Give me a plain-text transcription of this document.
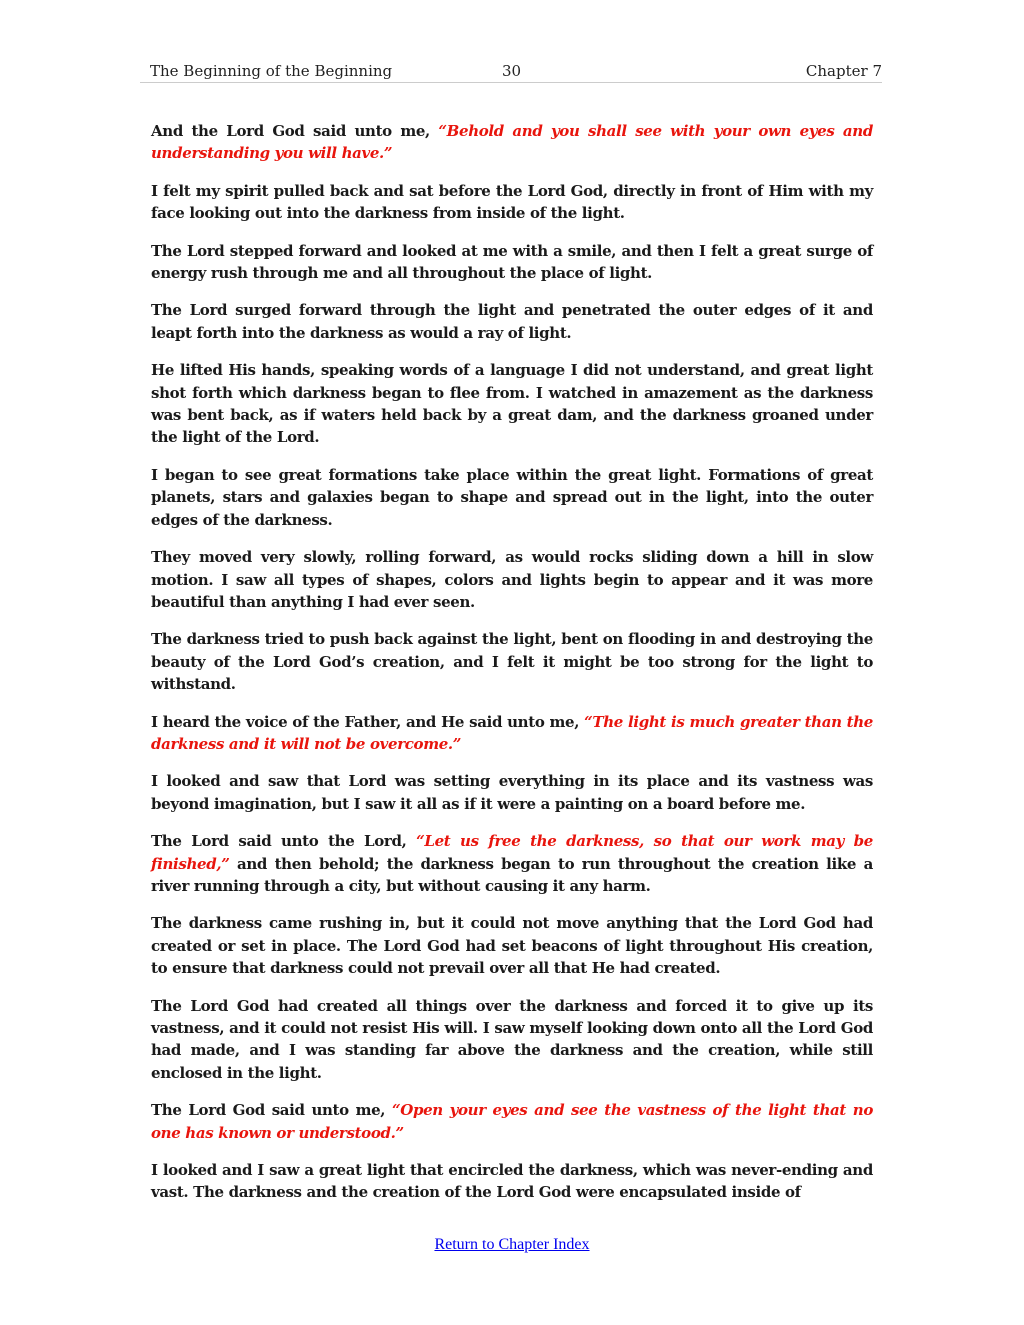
The Beginning of the Beginning	30	Chapter 7

And the Lord God said unto me, “Behold and you shall see with your own eyes and understanding you will have.”

I felt my spirit pulled back and sat before the Lord God, directly in front of Him with my face looking out into the darkness from inside of the light.

The Lord stepped forward and looked at me with a smile, and then I felt a great surge of energy rush through me and all throughout the place of light.

The Lord surged forward through the light and penetrated the outer edges of it and leapt forth into the darkness as would a ray of light.

He lifted His hands, speaking words of a language I did not understand, and great light shot forth which darkness began to flee from. I watched in amazement as the darkness was bent back, as if waters held back by a great dam, and the darkness groaned under the light of the Lord.

I began to see great formations take place within the great light. Formations of great planets, stars and galaxies began to shape and spread out in the light, into the outer edges of the darkness.

They moved very slowly, rolling forward, as would rocks sliding down a hill in slow motion. I saw all types of shapes, colors and lights begin to appear and it was more beautiful than anything I had ever seen.

The darkness tried to push back against the light, bent on flooding in and destroying the beauty of the Lord God’s creation, and I felt it might be too strong for the light to withstand.

I heard the voice of the Father, and He said unto me, “The light is much greater than the darkness and it will not be overcome.”

I looked and saw that Lord was setting everything in its place and its vastness was beyond imagination, but I saw it all as if it were a painting on a board before me.

The Lord said unto the Lord, “Let us free the darkness, so that our work may be finished,” and then behold; the darkness began to run throughout the creation like a river running through a city, but without causing it any harm.

The darkness came rushing in, but it could not move anything that the Lord God had created or set in place. The Lord God had set beacons of light throughout His creation, to ensure that darkness could not prevail over all that He had created.

The Lord God had created all things over the darkness and forced it to give up its vastness, and it could not resist His will. I saw myself looking down onto all the Lord God had made, and I was standing far above the darkness and the creation, while still enclosed in the light.

The Lord God said unto me, “Open your eyes and see the vastness of the light that no one has known or understood.”

I looked and I saw a great light that encircled the darkness, which was never-ending and vast. The darkness and the creation of the Lord God were encapsulated inside of

Return to Chapter Index
